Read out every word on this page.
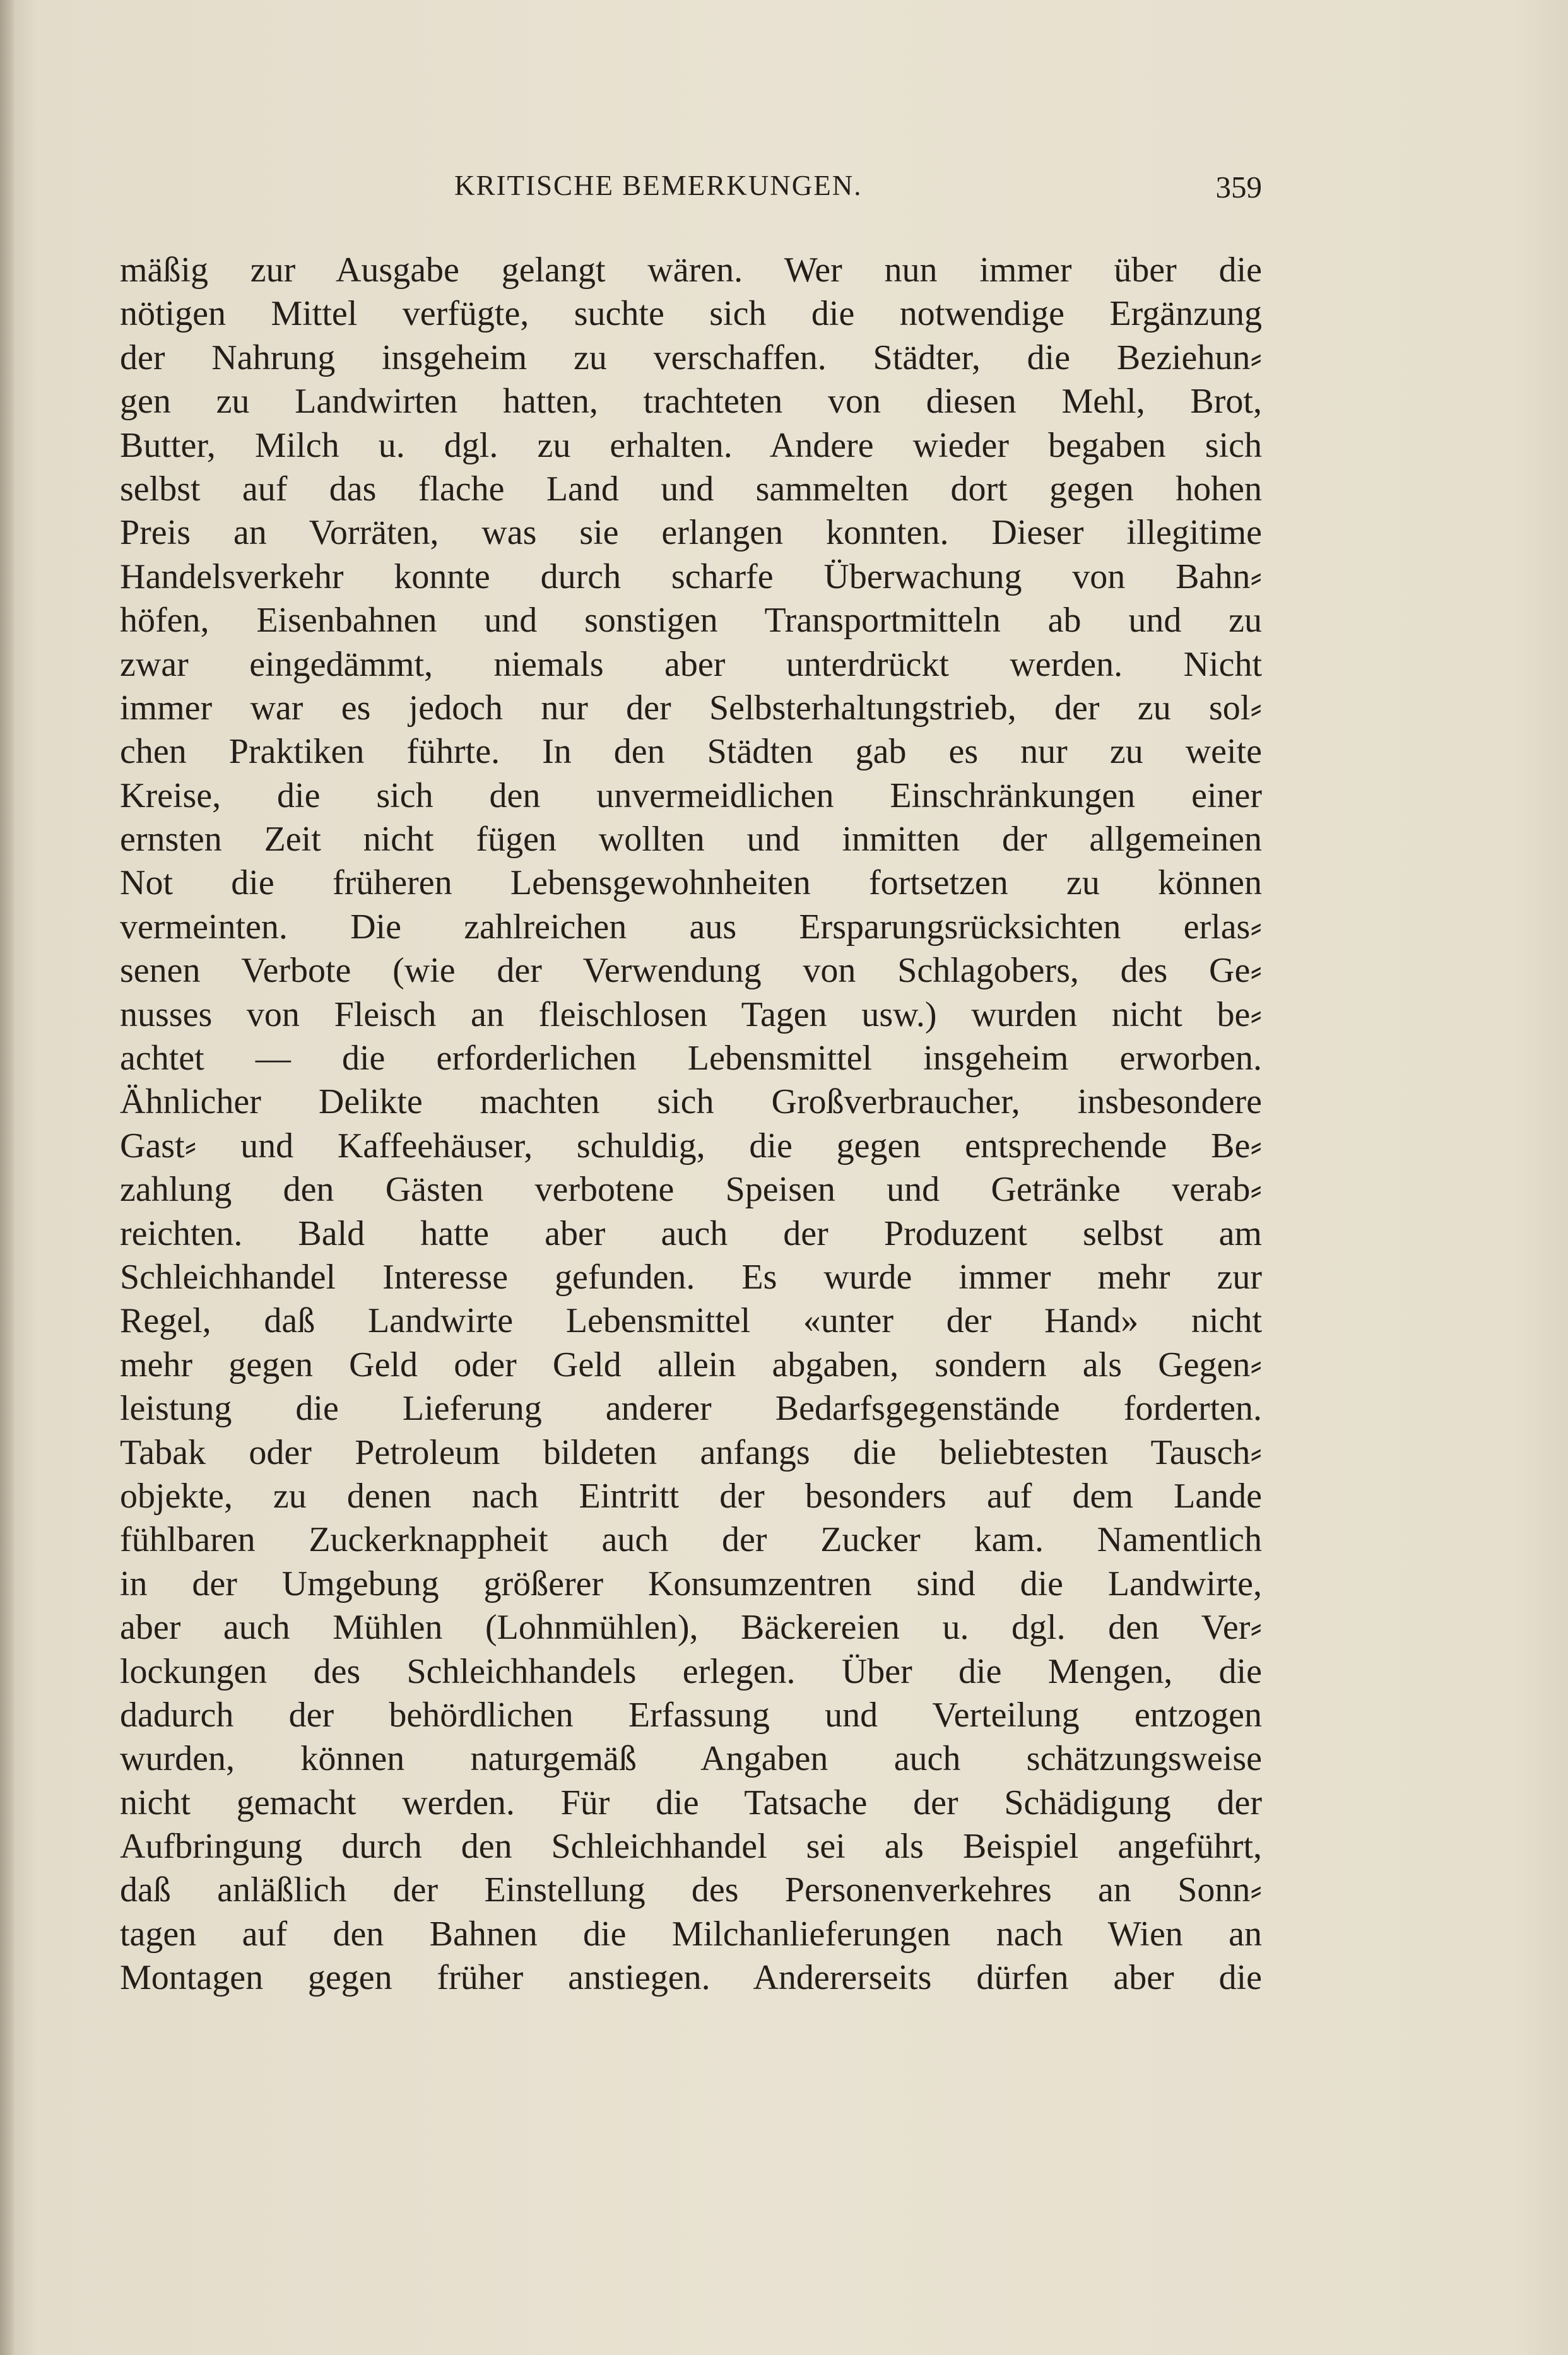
KRITISCHE BEMERKUNGEN.	359
mäßig zur Ausgabe gelangt wären. Wer nun immer über die
nötigen Mittel verfügte, suchte sich die notwendige Ergänzung
der Nahrung insgeheim zu verschaffen. Städter, die Beziehun⸗
gen zu Landwirten hatten, trachteten von diesen Mehl, Brot,
Butter, Milch u. dgl. zu erhalten. Andere wieder begaben sich
selbst auf das flache Land und sammelten dort gegen hohen
Preis an Vorräten, was sie erlangen konnten. Dieser illegitime
Handelsverkehr konnte durch scharfe Überwachung von Bahn⸗
höfen, Eisenbahnen und sonstigen Transportmitteln ab und zu
zwar eingedämmt, niemals aber unterdrückt werden. Nicht
immer war es jedoch nur der Selbsterhaltungstrieb, der zu sol⸗
chen Praktiken führte. In den Städten gab es nur zu weite
Kreise, die sich den unvermeidlichen Einschränkungen einer
ernsten Zeit nicht fügen wollten und inmitten der allgemeinen
Not die früheren Lebensgewohnheiten fortsetzen zu können
vermeinten. Die zahlreichen aus Ersparungsrücksichten erlas⸗
senen Verbote (wie der Verwendung von Schlagobers, des Ge⸗
nusses von Fleisch an fleischlosen Tagen usw.) wurden nicht be⸗
achtet — die erforderlichen Lebensmittel insgeheim erworben.
Ähnlicher Delikte machten sich Großverbraucher, insbesondere
Gast⸗ und Kaffeehäuser, schuldig, die gegen entsprechende Be⸗
zahlung den Gästen verbotene Speisen und Getränke verab⸗
reichten. Bald hatte aber auch der Produzent selbst am
Schleichhandel Interesse gefunden. Es wurde immer mehr zur
Regel, daß Landwirte Lebensmittel «unter der Hand» nicht
mehr gegen Geld oder Geld allein abgaben, sondern als Gegen⸗
leistung die Lieferung anderer Bedarfsgegenstände forderten.
Tabak oder Petroleum bildeten anfangs die beliebtesten Tausch⸗
objekte, zu denen nach Eintritt der besonders auf dem Lande
fühlbaren Zuckerknappheit auch der Zucker kam. Namentlich
in der Umgebung größerer Konsumzentren sind die Landwirte,
aber auch Mühlen (Lohnmühlen), Bäckereien u. dgl. den Ver⸗
lockungen des Schleichhandels erlegen. Über die Mengen, die
dadurch der behördlichen Erfassung und Verteilung entzogen
wurden, können naturgemäß Angaben auch schätzungsweise
nicht gemacht werden. Für die Tatsache der Schädigung der
Aufbringung durch den Schleichhandel sei als Beispiel angeführt,
daß anläßlich der Einstellung des Personenverkehres an Sonn⸗
tagen auf den Bahnen die Milchanlieferungen nach Wien an
Montagen gegen früher anstiegen. Andererseits dürfen aber die
